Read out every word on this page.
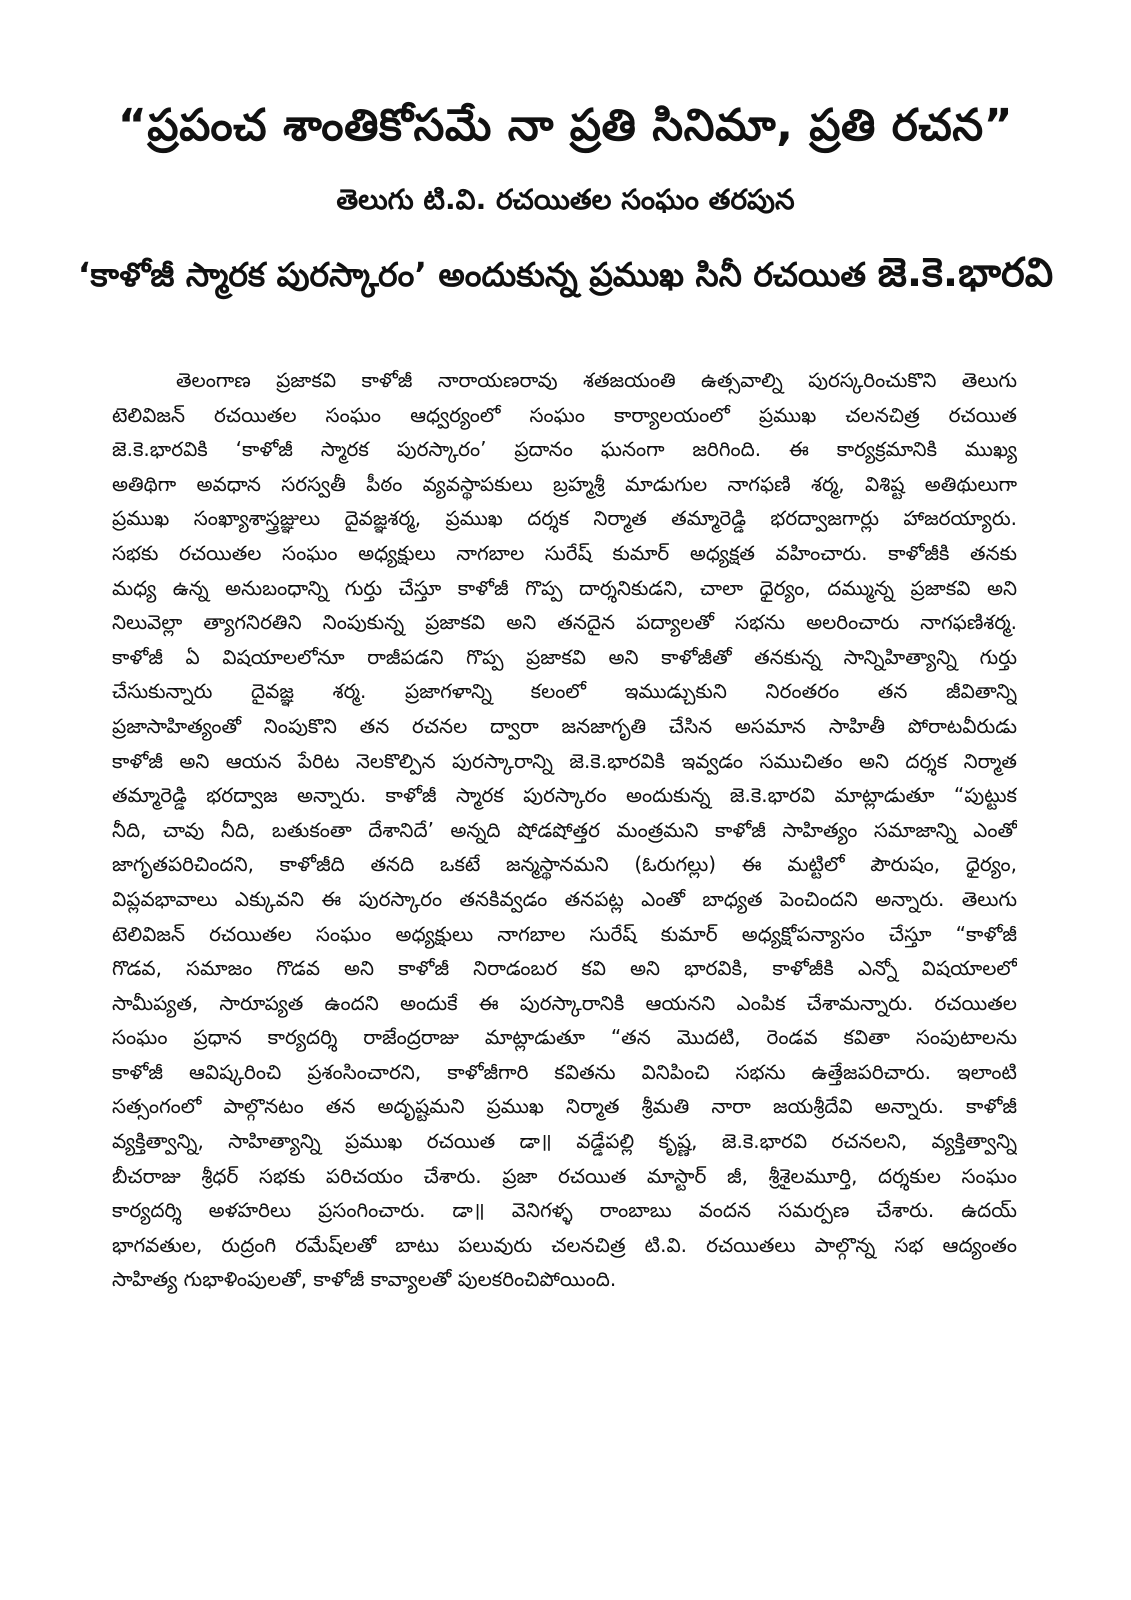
“ప్రపంచ శాంతికోసమే నా ప్రతి సినిమా, ప్రతి రచన”
తెలుగు టి.వి. రచయితల సంఘం తరపున
‘కాళోజీ స్మారక పురస్కారం’ అందుకున్న ప్రముఖ సినీ రచయిత జె.కె.భారవి
తెలంగాణ ప్రజాకవి కాళోజీ నారాయణరావు శతజయంతి ఉత్సవాల్ని పురస్కరించుకొని తెలుగు
టెలివిజన్ రచయితల సంఘం ఆధ్వర్యంలో సంఘం కార్యాలయంలో ప్రముఖ చలనచిత్ర రచయిత
జె.కె.భారవికి ‘కాళోజీ స్మారక పురస్కారం’ ప్రదానం ఘనంగా జరిగింది. ఈ కార్యక్రమానికి ముఖ్య
అతిథిగా అవధాన సరస్వతీ పీఠం వ్యవస్థాపకులు బ్రహ్మశ్రీ మాడుగుల నాగఫణి శర్మ, విశిష్ట అతిథులుగా
ప్రముఖ సంఖ్యాశాస్త్రజ్ఞులు దైవజ్ఞశర్మ, ప్రముఖ దర్శక నిర్మాత తమ్మారెడ్డి భరద్వాజగార్లు హాజరయ్యారు.
సభకు రచయితల సంఘం అధ్యక్షులు నాగబాల సురేష్ కుమార్ అధ్యక్షత వహించారు. కాళోజీకి తనకు
మధ్య ఉన్న అనుబంధాన్ని గుర్తు చేస్తూ కాళోజీ గొప్ప దార్శనికుడని, చాలా ధైర్యం, దమ్మున్న ప్రజాకవి అని
నిలువెల్లా త్యాగనిరతిని నింపుకున్న ప్రజాకవి అని తనదైన పద్యాలతో సభను అలరించారు నాగఫణిశర్మ.
కాళోజీ ఏ విషయాలలోనూ రాజీపడని గొప్ప ప్రజాకవి అని కాళోజీతో తనకున్న సాన్నిహిత్యాన్ని గుర్తు
చేసుకున్నారు దైవజ్ఞ శర్మ. ప్రజాగళాన్ని కలంలో ఇముడ్చుకుని నిరంతరం తన జీవితాన్ని
ప్రజాసాహిత్యంతో నింపుకొని తన రచనల ద్వారా జనజాగృతి చేసిన అసమాన సాహితీ పోరాటవీరుడు
కాళోజీ అని ఆయన పేరిట నెలకొల్పిన పురస్కారాన్ని జె.కె.భారవికి ఇవ్వడం సముచితం అని దర్శక నిర్మాత
తమ్మారెడ్డి భరద్వాజ అన్నారు. కాళోజీ స్మారక పురస్కారం అందుకున్న జె.కె.భారవి మాట్లాడుతూ “పుట్టుక
నీది, చావు నీది, బతుకంతా దేశానిదే’ అన్నది షోడషోత్తర మంత్రమని కాళోజీ సాహిత్యం సమాజాన్ని ఎంతో
జాగృతపరిచిందని, కాళోజీది తనది ఒకటే జన్మస్థానమని (ఓరుగల్లు) ఈ మట్టిలో పౌరుషం, ధైర్యం,
విప్లవభావాలు ఎక్కువని ఈ పురస్కారం తనకివ్వడం తనపట్ల ఎంతో బాధ్యత పెంచిందని అన్నారు. తెలుగు
టెలివిజన్ రచయితల సంఘం అధ్యక్షులు నాగబాల సురేష్ కుమార్ అధ్యక్షోపన్యాసం చేస్తూ “కాళోజీ
గొడవ, సమాజం గొడవ అని కాళోజీ నిరాడంబర కవి అని భారవికి, కాళోజీకి ఎన్నో విషయాలలో
సామీప్యత, సారూప్యత ఉందని అందుకే ఈ పురస్కారానికి ఆయనని ఎంపిక చేశామన్నారు. రచయితల
సంఘం ప్రధాన కార్యదర్శి రాజేంద్రరాజు మాట్లాడుతూ “తన మొదటి, రెండవ కవితా సంపుటాలను
కాళోజీ ఆవిష్కరించి ప్రశంసించారని, కాళోజీగారి కవితను వినిపించి సభను ఉత్తేజపరిచారు. ఇలాంటి
సత్సంగంలో పాల్గొనటం తన అదృష్టమని ప్రముఖ నిర్మాత శ్రీమతి నారా జయశ్రీదేవి అన్నారు. కాళోజీ
వ్యక్తిత్వాన్ని, సాహిత్యాన్ని ప్రముఖ రచయిత డా॥ వడ్డేపల్లి కృష్ణ, జె.కె.భారవి రచనలని, వ్యక్తిత్వాన్ని
బీచరాజు శ్రీధర్ సభకు పరిచయం చేశారు. ప్రజా రచయిత మాస్టార్ జీ, శ్రీశైలమూర్తి, దర్శకుల సంఘం
కార్యదర్శి అళహరిలు ప్రసంగించారు. డా॥ వెనిగళ్ళ రాంబాబు వందన సమర్పణ చేశారు. ఉదయ్
భాగవతుల, రుద్రంగి రమేష్‌లతో బాటు పలువురు చలనచిత్ర టి.వి. రచయితలు పాల్గొన్న సభ ఆద్యంతం
సాహిత్య గుభాళింపులతో, కాళోజీ కావ్యాలతో పులకరించిపోయింది.
